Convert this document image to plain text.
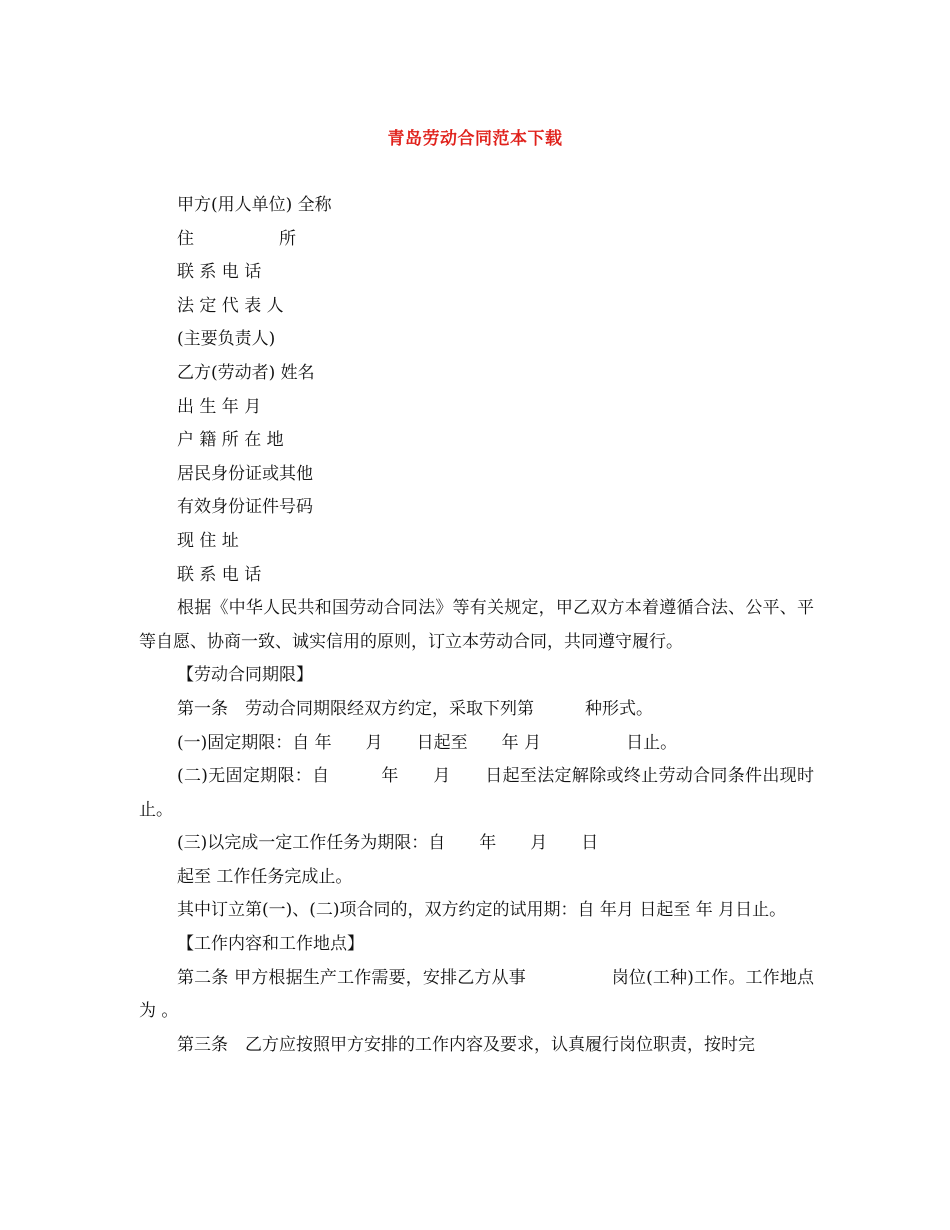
青岛劳动合同范本下载
甲方(用人单位) 全称
住　　　　　所
联 系 电 话
法 定 代 表 人
(主要负责人)
乙方(劳动者) 姓名
出 生 年 月
户 籍 所 在 地
居民身份证或其他
有效身份证件号码
现 住 址
联 系 电 话
根据《中华人民共和国劳动合同法》等有关规定，甲乙双方本着遵循合法、公平、平等自愿、协商一致、诚实信用的原则，订立本劳动合同，共同遵守履行。
【劳动合同期限】
第一条　劳动合同期限经双方约定，采取下列第　　　种形式。
(一)固定期限：自 年　　月　　日起至　　年 月　　　　　日止。
(二)无固定期限：自　　　年　　月　　日起至法定解除或终止劳动合同条件出现时止。
(三)以完成一定工作任务为期限：自　　年　　月　　日
起至 工作任务完成止。
其中订立第(一)、(二)项合同的，双方约定的试用期：自 年月 日起至 年 月日止。
【工作内容和工作地点】
第二条 甲方根据生产工作需要，安排乙方从事　　　　　岗位(工种)工作。工作地点为 。
第三条　乙方应按照甲方安排的工作内容及要求，认真履行岗位职责，按时完
